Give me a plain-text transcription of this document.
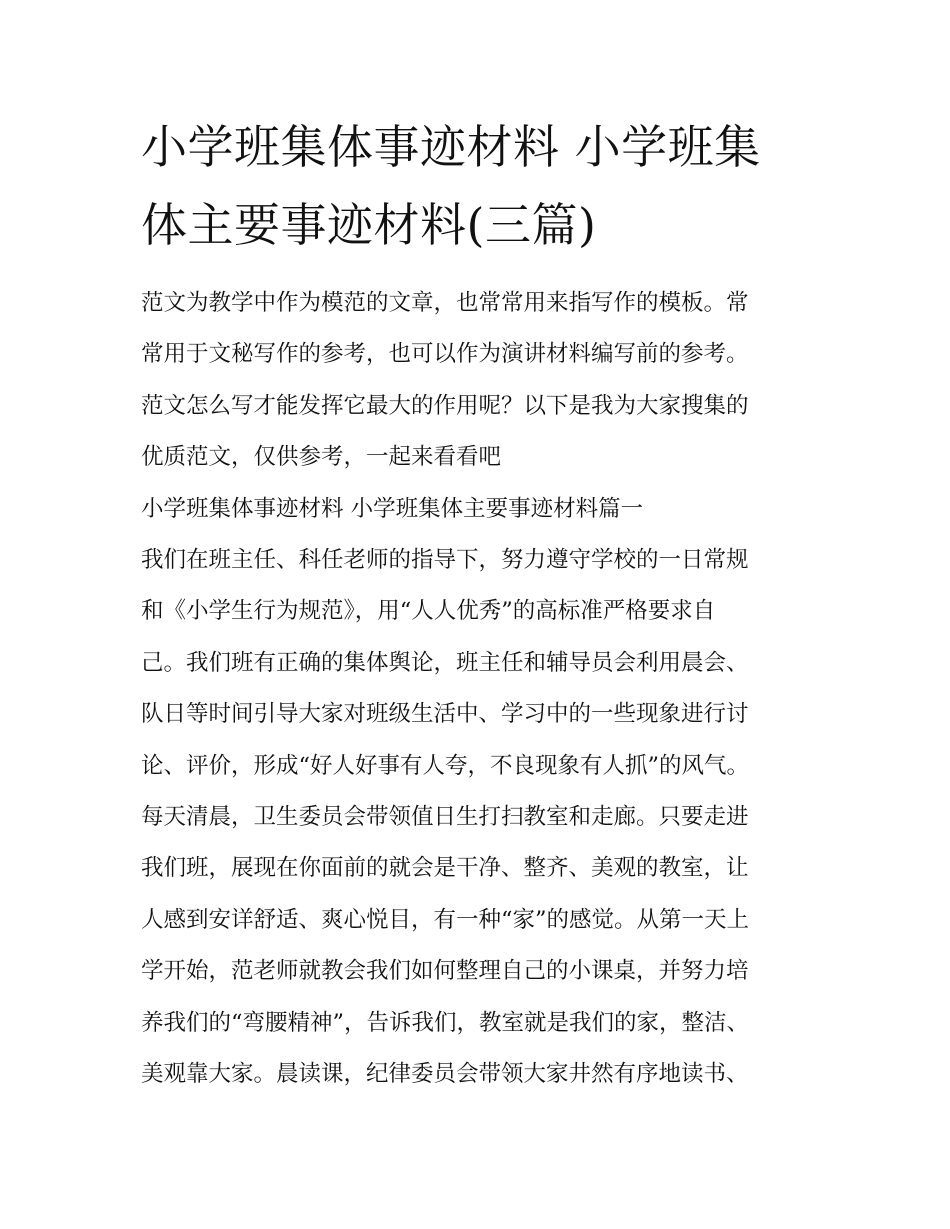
小学班集体事迹材料 小学班集

体主要事迹材料(三篇)

范文为教学中作为模范的文章，也常常用来指写作的模板。常

常用于文秘写作的参考，也可以作为演讲材料编写前的参考。

范文怎么写才能发挥它最大的作用呢？以下是我为大家搜集的

优质范文，仅供参考，一起来看看吧

小学班集体事迹材料 小学班集体主要事迹材料篇一

我们在班主任、科任老师的指导下，努力遵守学校的一日常规

和《小学生行为规范》，用“人人优秀”的高标准严格要求自

己。我们班有正确的集体舆论，班主任和辅导员会利用晨会、

队日等时间引导大家对班级生活中、学习中的一些现象进行讨

论、评价，形成“好人好事有人夸，不良现象有人抓”的风气。

每天清晨，卫生委员会带领值日生打扫教室和走廊。只要走进

我们班，展现在你面前的就会是干净、整齐、美观的教室，让

人感到安详舒适、爽心悦目，有一种“家”的感觉。从第一天上

学开始，范老师就教会我们如何整理自己的小课桌，并努力培

养我们的“弯腰精神”，告诉我们，教室就是我们的家，整洁、

美观靠大家。晨读课，纪律委员会带领大家井然有序地读书、
